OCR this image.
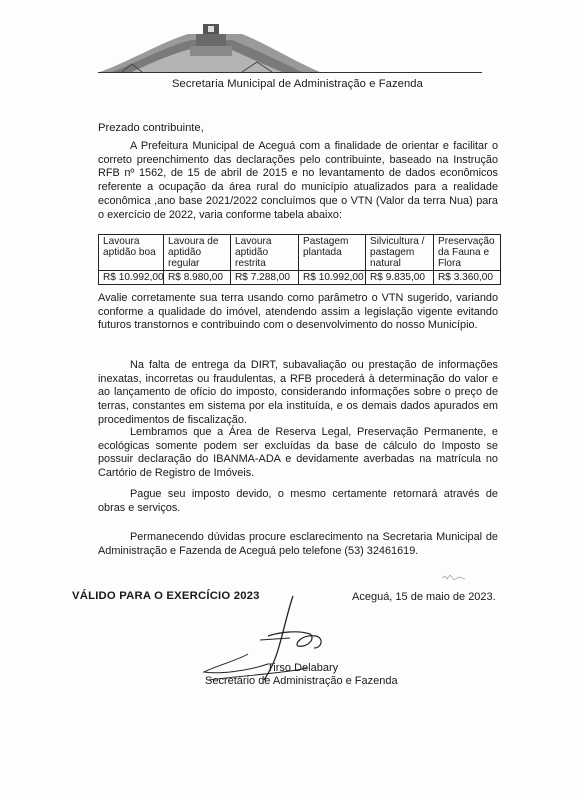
Secretaria Municipal de Administração e Fazenda
Prezado contribuinte,
A Prefeitura Municipal de Aceguá com a finalidade de orientar e facilitar o correto preenchimento das declarações pelo contribuinte, baseado na Instrução RFB nº 1562, de 15 de abril de 2015 e no levantamento de dados econômicos referente a ocupação da área rural do município atualizados para a realidade econômica ,ano base 2021/2022 concluímos que o VTN (Valor da terra Nua) para o exercício de 2022, varia conforme tabela abaixo:
Lavoura aptidão boa	Lavoura de aptidão regular	Lavoura aptidão restrita	Pastagem plantada	Silvicultura / pastagem natural	Preservação da Fauna e Flora
R$ 10.992,00	R$ 8.980,00	R$ 7.288,00	R$ 10.992,00	R$ 9.835,00	R$ 3.360,00
Avalie corretamente sua terra usando como parâmetro o VTN sugerido, variando conforme a qualidade do imóvel, atendendo assim a legislação vigente evitando futuros transtornos e contribuindo com o desenvolvimento do nosso Município.
Na falta de entrega da DIRT, subavaliação ou prestação de informações inexatas, incorretas ou fraudulentas, a RFB procederá à determinação do valor e ao lançamento de ofício do imposto, considerando informações sobre o preço de terras, constantes em sistema por ela instituída, e os demais dados apurados em procedimentos de fiscalização.
Lembramos que a Área de Reserva Legal, Preservação Permanente, e ecológicas somente podem ser excluídas da base de cálculo do Imposto se possuir declaração do IBANMA-ADA e devidamente averbadas na matrícula no Cartório de Registro de Imóveis.
Pague seu imposto devido, o mesmo certamente retornará através de obras e serviços.
Permanecendo dúvidas procure esclarecimento na Secretaria Municipal de Administração e Fazenda de Aceguá pelo telefone (53) 32461619.
VÁLIDO PARA O EXERCÍCIO 2023	Aceguá, 15 de maio de 2023.
Tirso Delabary
Secretário de Administração e Fazenda
